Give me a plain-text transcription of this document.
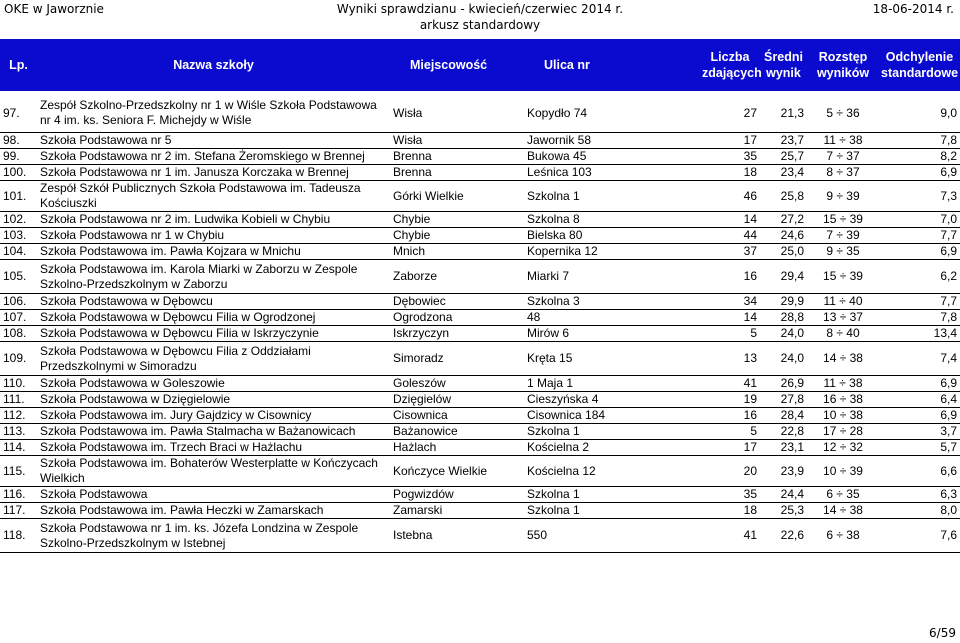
OKE w Jaworznie	Wyniki sprawdzianu - kwiecień/czerwiec 2014 r.
arkusz standardowy
18-06-2014 r.
Lp.	Nazwa szkoły	Miejscowość	Ulica nr	Liczba zdających	Średni wynik	Rozstęp wyników	Odchylenie standardowe
97.	Zespół Szkolno-Przedszkolny nr 1 w Wiśle Szkoła Podstawowa nr 4 im. ks. Seniora F. Michejdy w Wiśle	Wisła	Kopydło 74	27	21,3	5 ÷ 36	9,0
98.	Szkoła Podstawowa nr 5	Wisła	Jawornik 58	17	23,7	11 ÷ 38	7,8
99.	Szkoła Podstawowa nr 2 im. Stefana Żeromskiego w Brennej	Brenna	Bukowa 45	35	25,7	7 ÷ 37	8,2
100.	Szkoła Podstawowa nr 1 im. Janusza Korczaka w Brennej	Brenna	Leśnica 103	18	23,4	8 ÷ 37	6,9
101.	Zespół Szkół Publicznych Szkoła Podstawowa im. Tadeusza Kościuszki	Górki Wielkie	Szkolna 1	46	25,8	9 ÷ 39	7,3
102.	Szkoła Podstawowa nr 2 im. Ludwika Kobieli w Chybiu	Chybie	Szkolna 8	14	27,2	15 ÷ 39	7,0
103.	Szkoła Podstawowa nr 1 w Chybiu	Chybie	Bielska 80	44	24,6	7 ÷ 39	7,7
104.	Szkoła Podstawowa im. Pawła Kojzara w Mnichu	Mnich	Kopernika 12	37	25,0	9 ÷ 35	6,9
105.	Szkoła Podstawowa im. Karola Miarki w Zaborzu w Zespole Szkolno-Przedszkolnym w Zaborzu	Zaborze	Miarki 7	16	29,4	15 ÷ 39	6,2
106.	Szkoła Podstawowa w Dębowcu	Dębowiec	Szkolna 3	34	29,9	11 ÷ 40	7,7
107.	Szkoła Podstawowa w Dębowcu Filia w Ogrodzonej	Ogrodzona	48	14	28,8	13 ÷ 37	7,8
108.	Szkoła Podstawowa w Dębowcu Filia w Iskrzyczynie	Iskrzyczyn	Mirów 6	5	24,0	8 ÷ 40	13,4
109.	Szkoła Podstawowa w Dębowcu Filia z Oddziałami Przedszkolnymi w Simoradzu	Simoradz	Kręta 15	13	24,0	14 ÷ 38	7,4
110.	Szkoła Podstawowa w Goleszowie	Goleszów	1 Maja 1	41	26,9	11 ÷ 38	6,9
111.	Szkoła Podstawowa w Dzięgielowie	Dzięgielów	Cieszyńska 4	19	27,8	16 ÷ 38	6,4
112.	Szkoła Podstawowa im. Jury Gajdzicy w Cisownicy	Cisownica	Cisownica 184	16	28,4	10 ÷ 38	6,9
113.	Szkoła Podstawowa im. Pawła Stalmacha w Bażanowicach	Bażanowice	Szkolna 1	5	22,8	17 ÷ 28	3,7
114.	Szkoła Podstawowa im. Trzech Braci w Hażlachu	Hażlach	Kościelna 2	17	23,1	12 ÷ 32	5,7
115.	Szkoła Podstawowa im. Bohaterów Westerplatte w Kończycach Wielkich	Kończyce Wielkie	Kościelna 12	20	23,9	10 ÷ 39	6,6
116.	Szkoła Podstawowa	Pogwizdów	Szkolna 1	35	24,4	6 ÷ 35	6,3
117.	Szkoła Podstawowa im. Pawła Heczki w Zamarskach	Zamarski	Szkolna 1	18	25,3	14 ÷ 38	8,0
118.	Szkoła Podstawowa nr 1 im. ks. Józefa Londzina w Zespole Szkolno-Przedszkolnym w Istebnej	Istebna	550	41	22,6	6 ÷ 38	7,6
6/59
